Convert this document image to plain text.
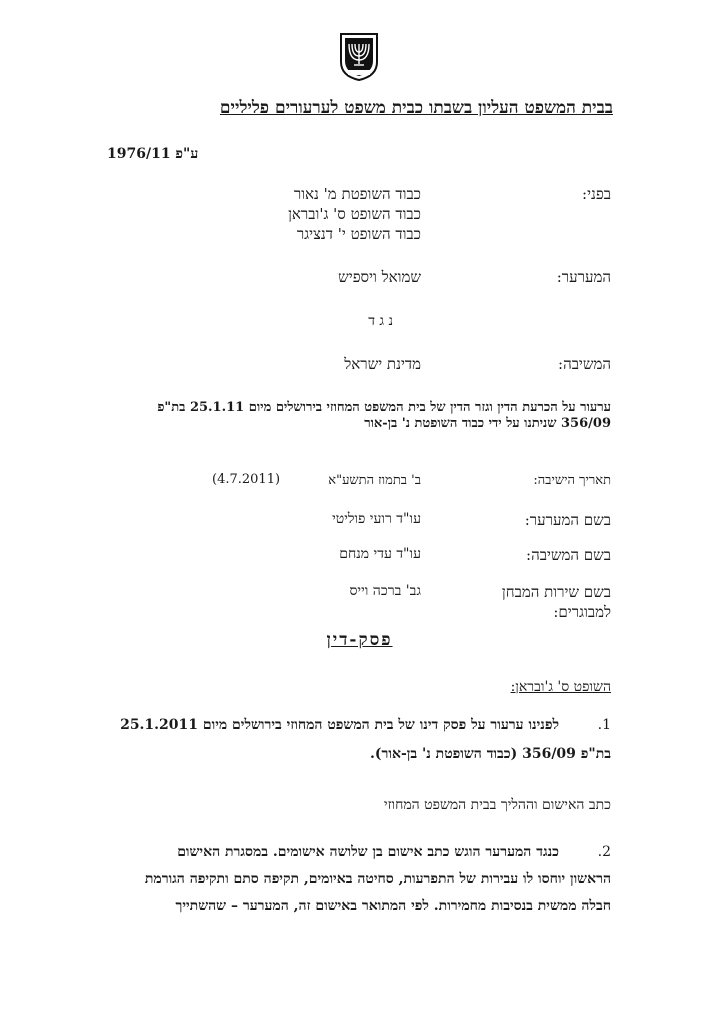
בבית המשפט העליון בשבתו כבית משפט לערעורים פליליים
ע"פ 1976/11
בפני:
כבוד השופטת מ' נאור
כבוד השופט ס' ג'ובראן
כבוד השופט י' דנציגר
המערער:
שמואל ויספיש
נ ג ד
המשיבה:
מדינת ישראל
ערעור על הכרעת הדין וגזר הדין של בית המשפט המחוזי בירושלים מיום 25.1.11 בת"פ 356/09 שניתנו על ידי כבוד השופטת נ' בן-אור
תאריך הישיבה:
ב' בתמוז התשע"א
(4.7.2011)
בשם המערער:
עו"ד רועי פוליטי
בשם המשיבה:
עו"ד עדי מנחם
בשם שירות המבחן
למבוגרים:
גב' ברכה וייס
פסק-דין
השופט ס' ג'ובראן:
.1
לפנינו ערעור על פסק דינו של בית המשפט המחוזי בירושלים מיום 25.1.2011
בת"פ 356/09 (כבוד השופטת נ' בן-אור).
כתב האישום וההליך בבית המשפט המחוזי
.2
כנגד המערער הוגש כתב אישום בן שלושה אישומים. במסגרת האישום
הראשון יוחסו לו עבירות של התפרעות, סחיטה באיומים, תקיפה סתם ותקיפה הגורמת
חבלה ממשית בנסיבות מחמירות. לפי המתואר באישום זה, המערער – שהשתייך
